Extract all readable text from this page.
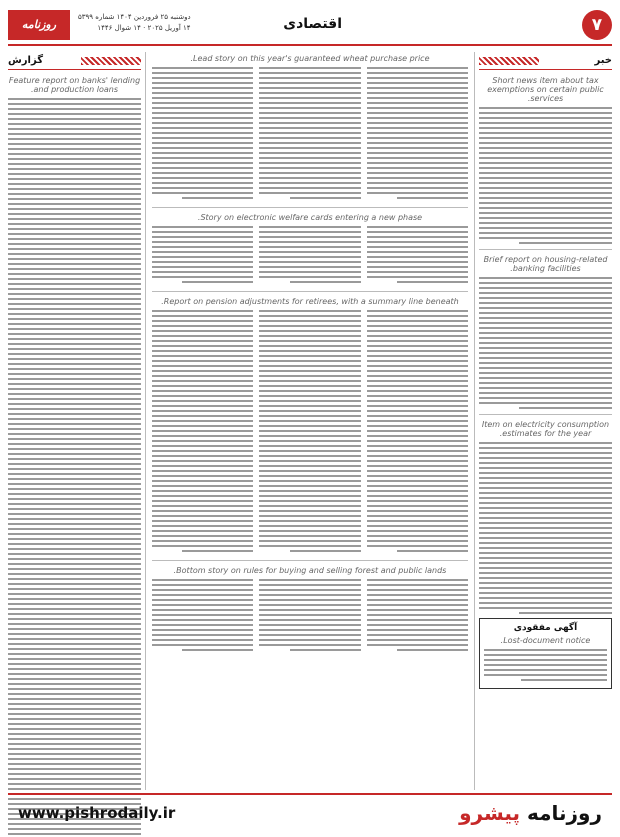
۷
اقتصادی
دوشنبه ۲۵ فروردین ۱۴۰۴ شماره ۵۳۹۹
۱۴ آوریل ۲۰۲۵ · ۱۴ شوال ۱۴۴۶
روزنامه پیشرو	خبر
Short news item about tax exemptions on certain public services.
Brief report on housing-related banking facilities.
Item on electricity consumption estimates for the year.
آگهی مفقودی
Lost-document notice.
Lead story on this year's guaranteed wheat purchase price.
Story on electronic welfare cards entering a new phase.
Report on pension adjustments for retirees, with a summary line beneath.
Bottom story on rules for buying and selling forest and public lands.
گزارش
Feature report on banks' lending and production loans.
روزنامه پیشرو
www.pishrodaily.ir
